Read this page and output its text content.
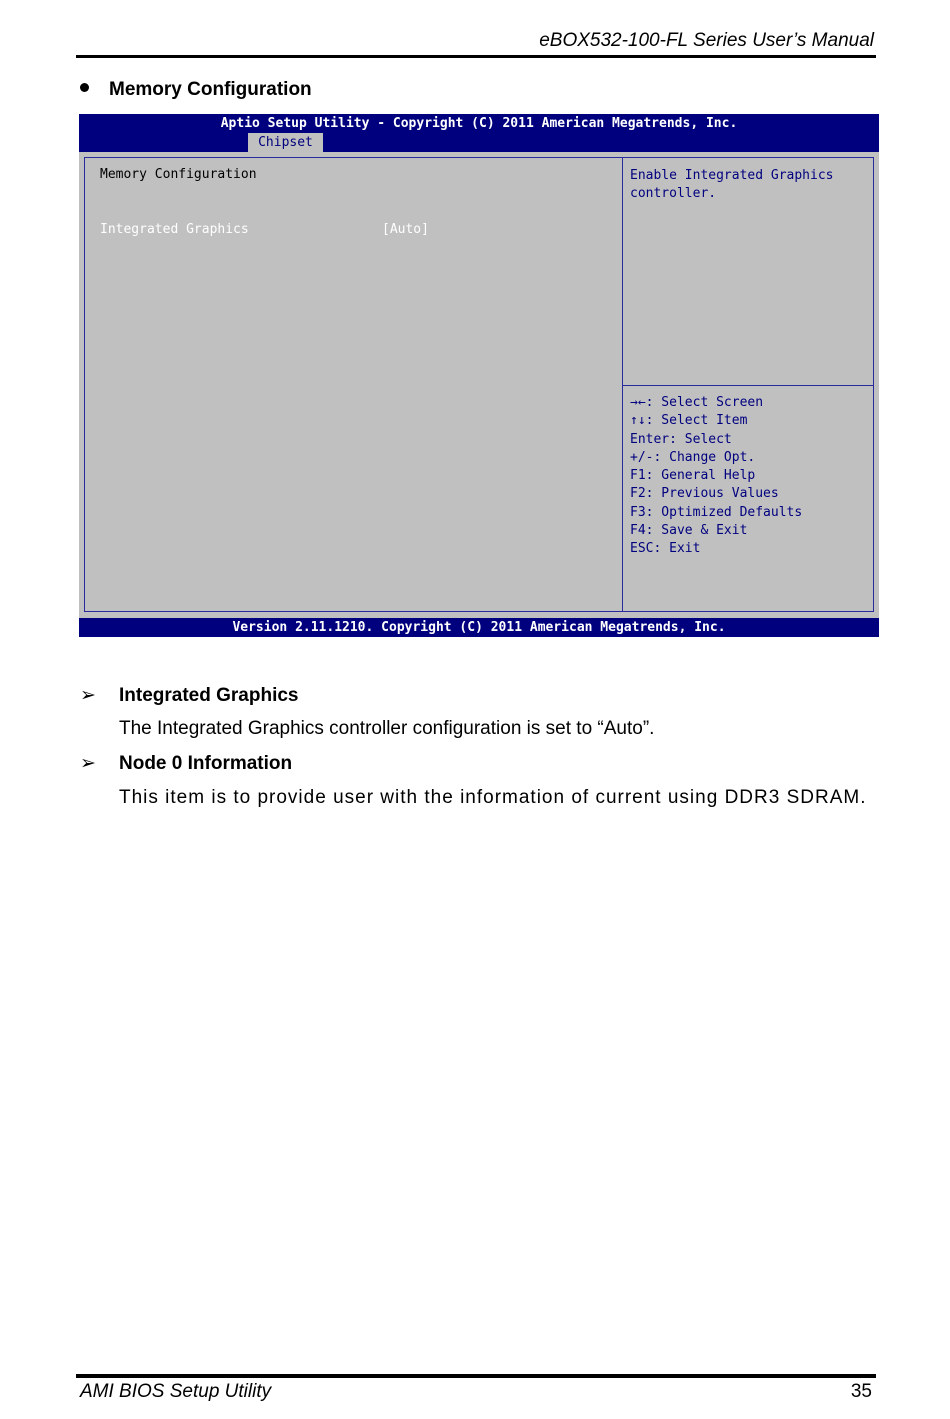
eBOX532-100-FL Series User’s Manual
Memory Configuration
Aptio Setup Utility - Copyright (C) 2011 American Megatrends, Inc.
Chipset
Memory Configuration
Integrated Graphics	[Auto]
Enable Integrated Graphics controller.
→←: Select Screen
↑↓: Select Item
Enter: Select
+/-: Change Opt.
F1: General Help
F2: Previous Values
F3: Optimized Defaults
F4: Save & Exit
ESC: Exit
Version 2.11.1210. Copyright (C) 2011 American Megatrends, Inc.
➢ Integrated Graphics
The Integrated Graphics controller configuration is set to “Auto”.
➢ Node 0 Information
This item is to provide user with the information of current using DDR3 SDRAM.
AMI BIOS Setup Utility	35
